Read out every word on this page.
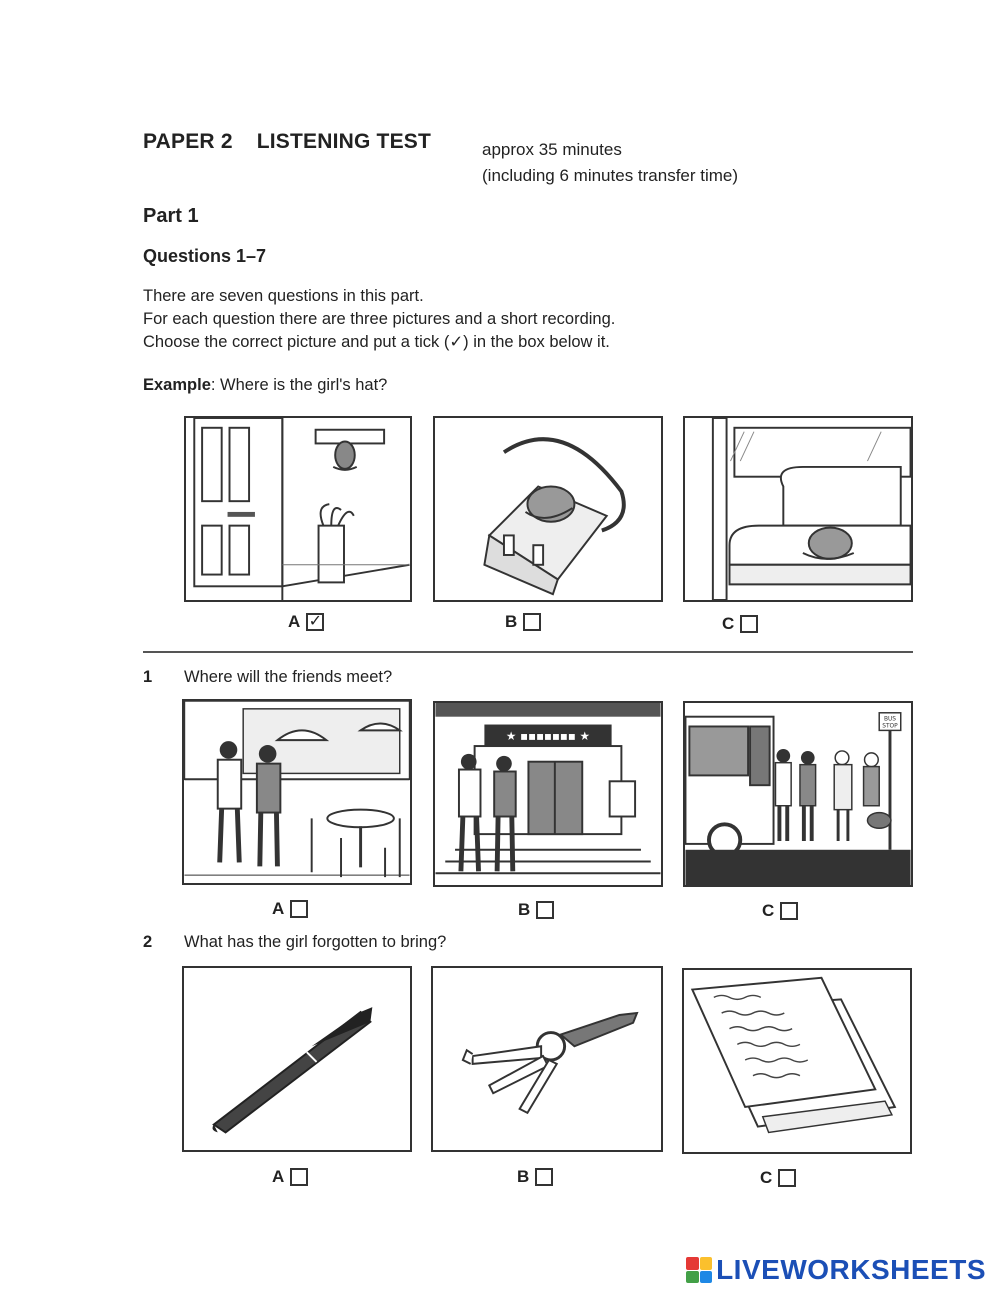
PAPER 2 LISTENING TEST	approx 35 minutes
(including 6 minutes transfer time)
Part 1
Questions 1–7
There are seven questions in this part.
For each question there are three pictures and a short recording.
Choose the correct picture and put a tick (✓) in the box below it.
Example: Where is the girl's hat?
A ✓	B	C
1 Where will the friends meet?
★ ▪▪▪▪▪▪▪ ★
BUS
STOP
A	B	C
2 What has the girl forgotten to bring?
A	B	C
LIVEWORKSHEETS
